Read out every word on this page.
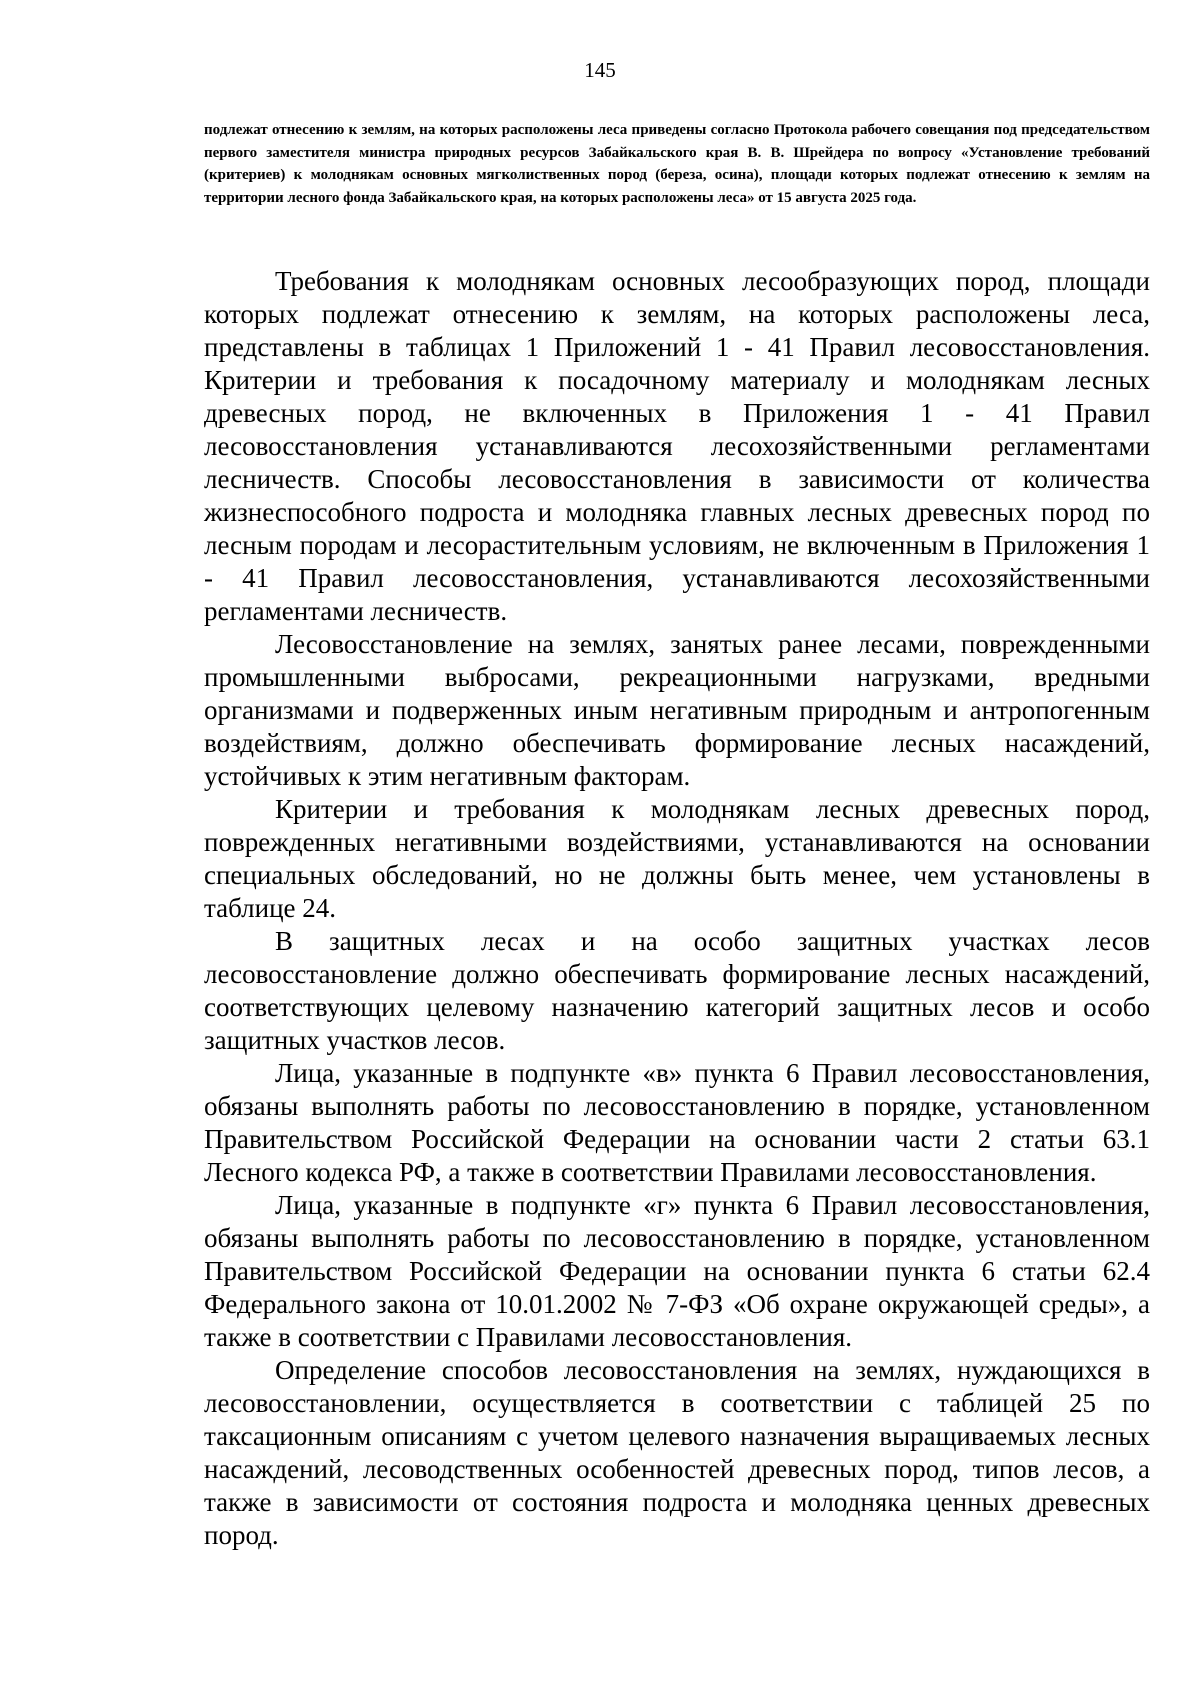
145
подлежат отнесению к землям, на которых расположены леса приведены согласно Протокола рабочего совещания под председательством первого заместителя министра природных ресурсов Забайкальского края В. В. Шрейдера по вопросу «Установление требований (критериев) к молоднякам основных мягколиственных пород (береза, осина), площади которых подлежат отнесению к землям на территории лесного фонда Забайкальского края, на которых расположены леса» от 15 августа 2025 года.

Требования к молоднякам основных лесообразующих пород, площади которых подлежат отнесению к землям, на которых расположены леса, представлены в таблицах 1 Приложений 1 - 41 Правил лесовосстановления. Критерии и требования к посадочному материалу и молоднякам лесных древесных пород, не включенных в Приложения 1 - 41 Правил лесовосстановления устанавливаются лесохозяйственными регламентами лесничеств. Способы лесовосстановления в зависимости от количества жизнеспособного подроста и молодняка главных лесных древесных пород по лесным породам и лесорастительным условиям, не включенным в Приложения 1 - 41 Правил лесовосстановления, устанавливаются лесохозяйственными регламентами лесничеств.

Лесовосстановление на землях, занятых ранее лесами, поврежденными промышленными выбросами, рекреационными нагрузками, вредными организмами и подверженных иным негативным природным и антропогенным воздействиям, должно обеспечивать формирование лесных насаждений, устойчивых к этим негативным факторам.

Критерии и требования к молоднякам лесных древесных пород, поврежденных негативными воздействиями, устанавливаются на основании специальных обследований, но не должны быть менее, чем установлены в таблице 24.

В защитных лесах и на особо защитных участках лесов лесовосстановление должно обеспечивать формирование лесных насаждений, соответствующих целевому назначению категорий защитных лесов и особо защитных участков лесов.

Лица, указанные в подпункте «в» пункта 6 Правил лесовосстановления, обязаны выполнять работы по лесовосстановлению в порядке, установленном Правительством Российской Федерации на основании части 2 статьи 63.1 Лесного кодекса РФ, а также в соответствии Правилами лесовосстановления.

Лица, указанные в подпункте «г» пункта 6 Правил лесовосстановления, обязаны выполнять работы по лесовосстановлению в порядке, установленном Правительством Российской Федерации на основании пункта 6 статьи 62.4 Федерального закона от 10.01.2002 № 7-ФЗ «Об охране окружающей среды», а также в соответствии с Правилами лесовосстановления.

Определение способов лесовосстановления на землях, нуждающихся в лесовосстановлении, осуществляется в соответствии с таблицей 25 по таксационным описаниям с учетом целевого назначения выращиваемых лесных насаждений, лесоводственных особенностей древесных пород, типов лесов, а также в зависимости от состояния подроста и молодняка ценных древесных пород.
